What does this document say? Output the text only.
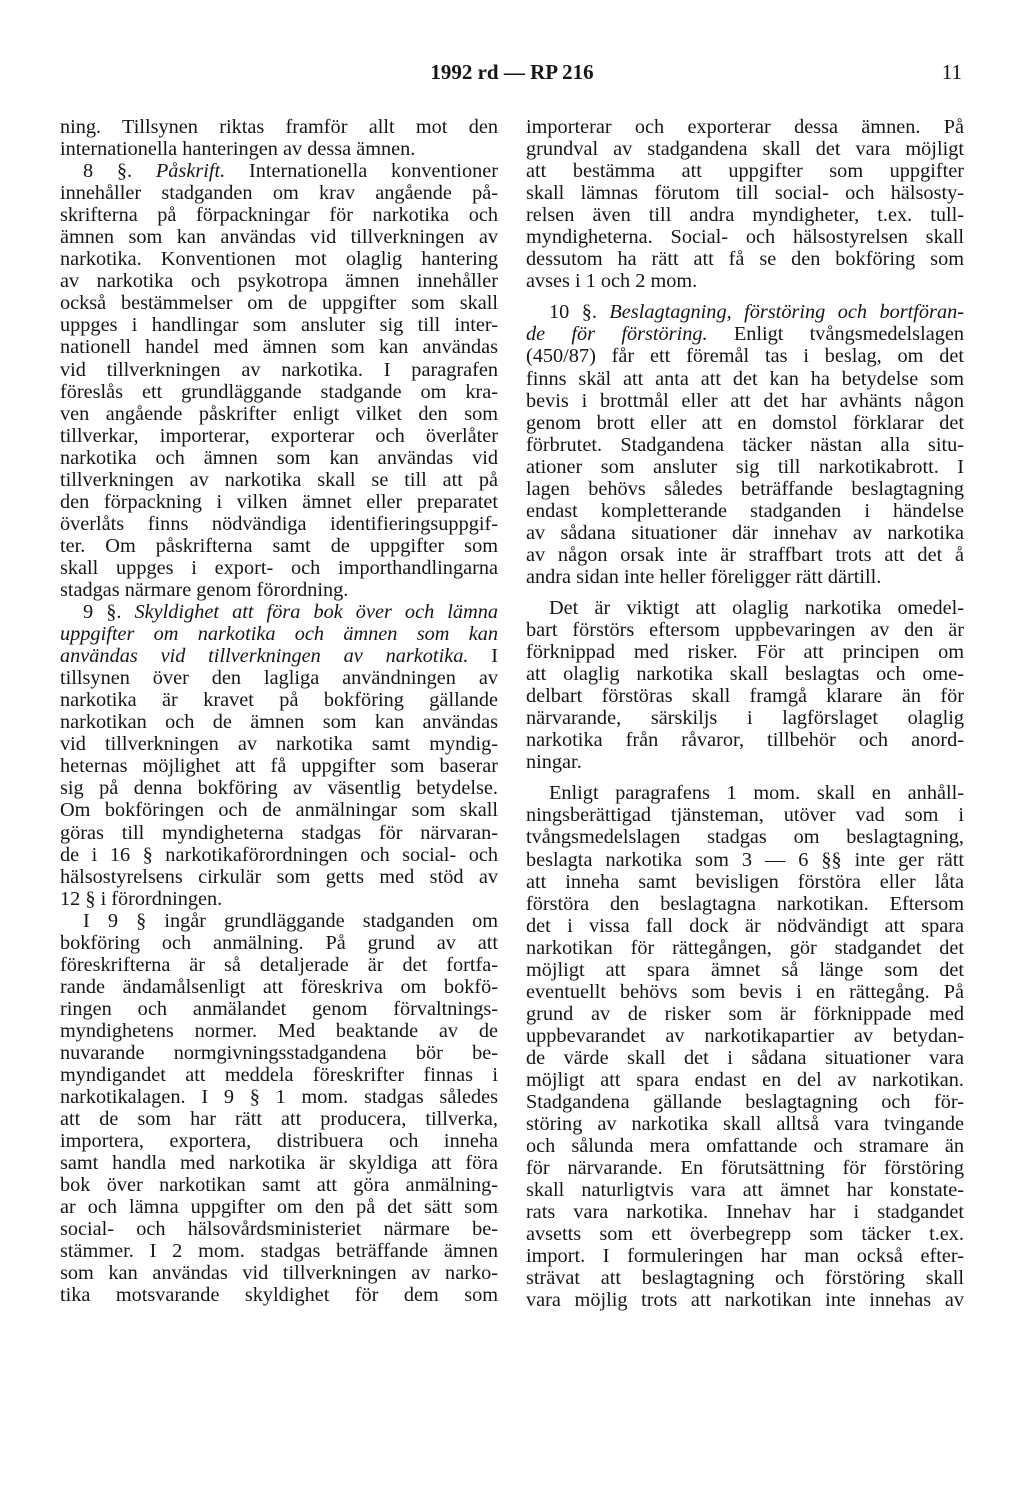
1992 rd — RP 216	11

ning. Tillsynen riktas framför allt mot den
internationella hanteringen av dessa ämnen.

8 §. Påskrift. Internationella konventioner
innehåller stadganden om krav angående på-
skrifterna på förpackningar för narkotika och
ämnen som kan användas vid tillverkningen av
narkotika. Konventionen mot olaglig hantering
av narkotika och psykotropa ämnen innehåller
också bestämmelser om de uppgifter som skall
uppges i handlingar som ansluter sig till inter-
nationell handel med ämnen som kan användas
vid tillverkningen av narkotika. I paragrafen
föreslås ett grundläggande stadgande om kra-
ven angående påskrifter enligt vilket den som
tillverkar, importerar, exporterar och överlåter
narkotika och ämnen som kan användas vid
tillverkningen av narkotika skall se till att på
den förpackning i vilken ämnet eller preparatet
överlåts finns nödvändiga identifieringsuppgif-
ter. Om påskrifterna samt de uppgifter som
skall uppges i export- och importhandlingarna
stadgas närmare genom förordning.

9 §. Skyldighet att föra bok över och lämna
uppgifter om narkotika och ämnen som kan
användas vid tillverkningen av narkotika. I
tillsynen över den lagliga användningen av
narkotika är kravet på bokföring gällande
narkotikan och de ämnen som kan användas
vid tillverkningen av narkotika samt myndig-
heternas möjlighet att få uppgifter som baserar
sig på denna bokföring av väsentlig betydelse.
Om bokföringen och de anmälningar som skall
göras till myndigheterna stadgas för närvaran-
de i 16 § narkotikaförordningen och social- och
hälsostyrelsens cirkulär som getts med stöd av
12 § i förordningen.

I 9 § ingår grundläggande stadganden om
bokföring och anmälning. På grund av att
föreskrifterna är så detaljerade är det fortfa-
rande ändamålsenligt att föreskriva om bokfö-
ringen och anmälandet genom förvaltnings-
myndighetens normer. Med beaktande av de
nuvarande normgivningsstadgandena bör be-
myndigandet att meddela föreskrifter finnas i
narkotikalagen. I 9 § 1 mom. stadgas således
att de som har rätt att producera, tillverka,
importera, exportera, distribuera och inneha
samt handla med narkotika är skyldiga att föra
bok över narkotikan samt att göra anmälning-
ar och lämna uppgifter om den på det sätt som
social- och hälsovårdsministeriet närmare be-
stämmer. I 2 mom. stadgas beträffande ämnen
som kan användas vid tillverkningen av narko-
tika motsvarande skyldighet för dem som

importerar och exporterar dessa ämnen. På
grundval av stadgandena skall det vara möjligt
att bestämma att uppgifter som uppgifter
skall lämnas förutom till social- och hälsosty-
relsen även till andra myndigheter, t.ex. tull-
myndigheterna. Social- och hälsostyrelsen skall
dessutom ha rätt att få se den bokföring som
avses i 1 och 2 mom.

10 §. Beslagtagning, förstöring och bortföran-
de för förstöring. Enligt tvångsmedelslagen
(450/87) får ett föremål tas i beslag, om det
finns skäl att anta att det kan ha betydelse som
bevis i brottmål eller att det har avhänts någon
genom brott eller att en domstol förklarar det
förbrutet. Stadgandena täcker nästan alla situ-
ationer som ansluter sig till narkotikabrott. I
lagen behövs således beträffande beslagtagning
endast kompletterande stadganden i händelse
av sådana situationer där innehav av narkotika
av någon orsak inte är straffbart trots att det å
andra sidan inte heller föreligger rätt därtill.

Det är viktigt att olaglig narkotika omedel-
bart förstörs eftersom uppbevaringen av den är
förknippad med risker. För att principen om
att olaglig narkotika skall beslagtas och ome-
delbart förstöras skall framgå klarare än för
närvarande, särskiljs i lagförslaget olaglig
narkotika från råvaror, tillbehör och anord-
ningar.

Enligt paragrafens 1 mom. skall en anhåll-
ningsberättigad tjänsteman, utöver vad som i
tvångsmedelslagen stadgas om beslagtagning,
beslagta narkotika som 3 — 6 §§ inte ger rätt
att inneha samt bevisligen förstöra eller låta
förstöra den beslagtagna narkotikan. Eftersom
det i vissa fall dock är nödvändigt att spara
narkotikan för rättegången, gör stadgandet det
möjligt att spara ämnet så länge som det
eventuellt behövs som bevis i en rättegång. På
grund av de risker som är förknippade med
uppbevarandet av narkotikapartier av betydan-
de värde skall det i sådana situationer vara
möjligt att spara endast en del av narkotikan.
Stadgandena gällande beslagtagning och för-
störing av narkotika skall alltså vara tvingande
och sålunda mera omfattande och stramare än
för närvarande. En förutsättning för förstöring
skall naturligtvis vara att ämnet har konstate-
rats vara narkotika. Innehav har i stadgandet
avsetts som ett överbegrepp som täcker t.ex.
import. I formuleringen har man också efter-
strävat att beslagtagning och förstöring skall
vara möjlig trots att narkotikan inte innehas av
